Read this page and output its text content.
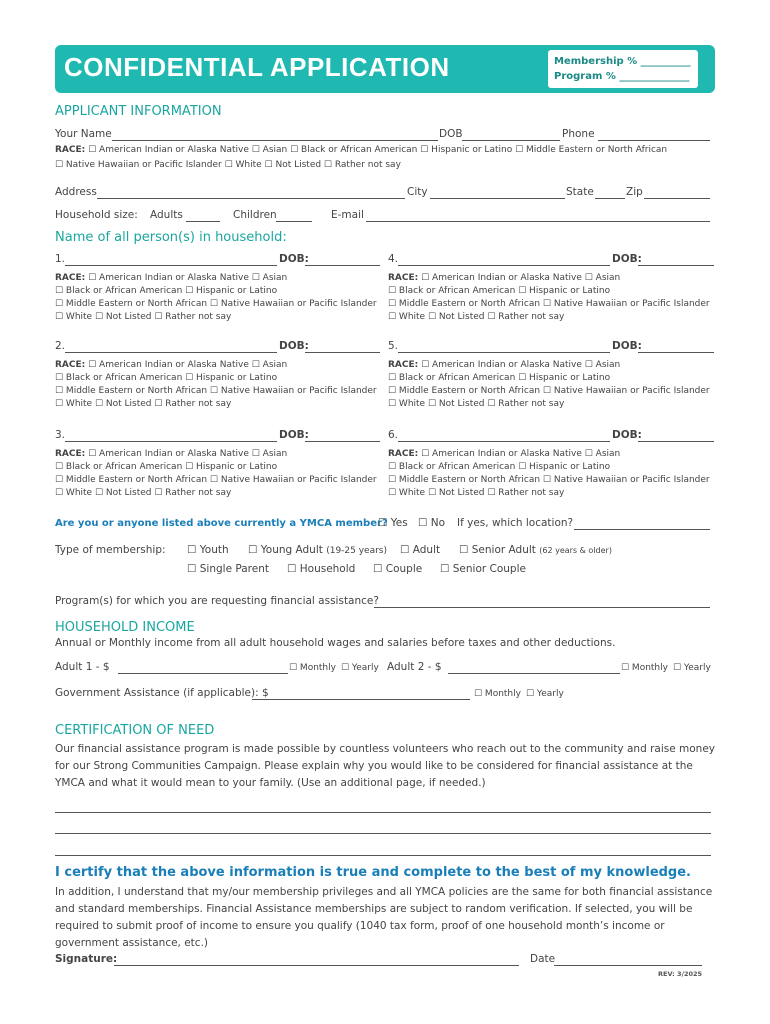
CONFIDENTIAL APPLICATION	Membership % __________
Program % ______________
APPLICANT INFORMATION
Your Name	DOB	Phone
RACE: ☐ American Indian or Alaska Native ☐ Asian ☐ Black or African American ☐ Hispanic or Latino ☐ Middle Eastern or North African
☐ Native Hawaiian or Pacific Islander ☐ White ☐ Not Listed ☐ Rather not say
Address	City	State	Zip
Household size: Adults	Children	E-mail
Name of all person(s) in household:
1.	DOB:
RACE: ☐ American Indian or Alaska Native ☐ Asian
☐ Black or African American ☐ Hispanic or Latino
☐ Middle Eastern or North African ☐ Native Hawaiian or Pacific Islander
☐ White ☐ Not Listed ☐ Rather not say
4.	DOB:
RACE: ☐ American Indian or Alaska Native ☐ Asian
☐ Black or African American ☐ Hispanic or Latino
☐ Middle Eastern or North African ☐ Native Hawaiian or Pacific Islander
☐ White ☐ Not Listed ☐ Rather not say
2.	DOB:
RACE: ☐ American Indian or Alaska Native ☐ Asian
☐ Black or African American ☐ Hispanic or Latino
☐ Middle Eastern or North African ☐ Native Hawaiian or Pacific Islander
☐ White ☐ Not Listed ☐ Rather not say
5.	DOB:
RACE: ☐ American Indian or Alaska Native ☐ Asian
☐ Black or African American ☐ Hispanic or Latino
☐ Middle Eastern or North African ☐ Native Hawaiian or Pacific Islander
☐ White ☐ Not Listed ☐ Rather not say
3.	DOB:
RACE: ☐ American Indian or Alaska Native ☐ Asian
☐ Black or African American ☐ Hispanic or Latino
☐ Middle Eastern or North African ☐ Native Hawaiian or Pacific Islander
☐ White ☐ Not Listed ☐ Rather not say
6.	DOB:
RACE: ☐ American Indian or Alaska Native ☐ Asian
☐ Black or African American ☐ Hispanic or Latino
☐ Middle Eastern or North African ☐ Native Hawaiian or Pacific Islander
☐ White ☐ Not Listed ☐ Rather not say
Are you or anyone listed above currently a YMCA member?
☐ Yes ☐ No If yes, which location?
Type of membership: ☐ Youth ☐ Young Adult (19-25 years) ☐ Adult ☐ Senior Adult (62 years & older)
☐ Single Parent ☐ Household ☐ Couple ☐ Senior Couple
Program(s) for which you are requesting financial assistance?
HOUSEHOLD INCOME
Annual or Monthly income from all adult household wages and salaries before taxes and other deductions.
Adult 1 - $	☐ Monthly ☐ Yearly Adult 2 - $	☐ Monthly ☐ Yearly
Government Assistance (if applicable): $	☐ Monthly ☐ Yearly
CERTIFICATION OF NEED
Our financial assistance program is made possible by countless volunteers who reach out to the community and raise money for our Strong Communities Campaign. Please explain why you would like to be considered for financial assistance at the YMCA and what it would mean to your family. (Use an additional page, if needed.)
I certify that the above information is true and complete to the best of my knowledge.
In addition, I understand that my/our membership privileges and all YMCA policies are the same for both financial assistance and standard memberships. Financial Assistance memberships are subject to random verification. If selected, you will be required to submit proof of income to ensure you qualify (1040 tax form, proof of one household month’s income or government assistance, etc.)
Signature:	Date
REV: 3/2025
